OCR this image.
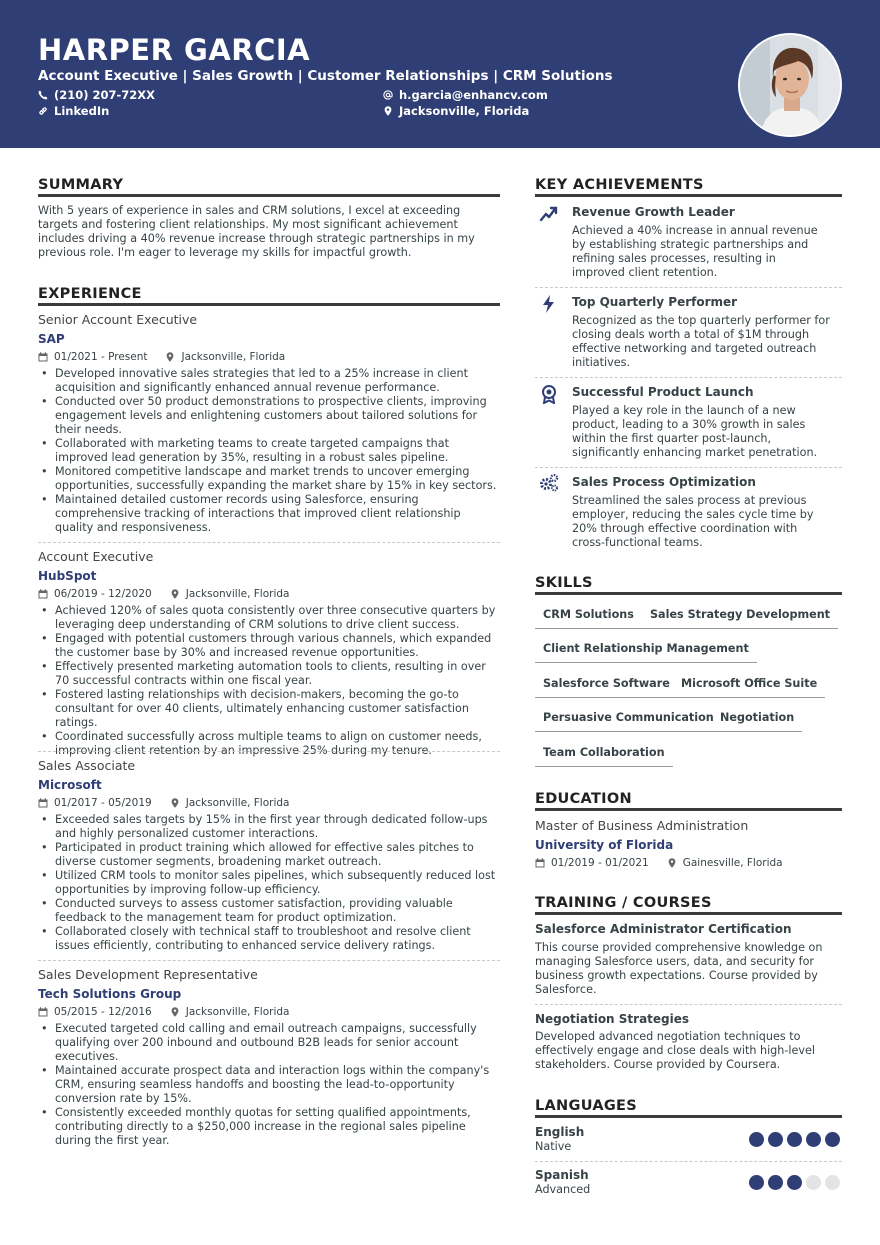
HARPER GARCIA
Account Executive | Sales Growth | Customer Relationships | CRM Solutions
(210) 207-72XX
LinkedIn
h.garcia@enhancv.com
Jacksonville, Florida
SUMMARY
With 5 years of experience in sales and CRM solutions, I excel at exceeding targets and fostering client relationships. My most significant achievement includes driving a 40% revenue increase through strategic partnerships in my previous role. I'm eager to leverage my skills for impactful growth.
EXPERIENCE
Senior Account Executive
SAP
01/2021 - Present	Jacksonville, Florida
• Developed innovative sales strategies that led to a 25% increase in client acquisition and significantly enhanced annual revenue performance.
• Conducted over 50 product demonstrations to prospective clients, improving engagement levels and enlightening customers about tailored solutions for their needs.
• Collaborated with marketing teams to create targeted campaigns that improved lead generation by 35%, resulting in a robust sales pipeline.
• Monitored competitive landscape and market trends to uncover emerging opportunities, successfully expanding the market share by 15% in key sectors.
• Maintained detailed customer records using Salesforce, ensuring comprehensive tracking of interactions that improved client relationship quality and responsiveness.
Account Executive
HubSpot
06/2019 - 12/2020	Jacksonville, Florida
• Achieved 120% of sales quota consistently over three consecutive quarters by leveraging deep understanding of CRM solutions to drive client success.
• Engaged with potential customers through various channels, which expanded the customer base by 30% and increased revenue opportunities.
• Effectively presented marketing automation tools to clients, resulting in over 70 successful contracts within one fiscal year.
• Fostered lasting relationships with decision-makers, becoming the go-to consultant for over 40 clients, ultimately enhancing customer satisfaction ratings.
• Coordinated successfully across multiple teams to align on customer needs, improving client retention by an impressive 25% during my tenure.
Sales Associate
Microsoft
01/2017 - 05/2019	Jacksonville, Florida
• Exceeded sales targets by 15% in the first year through dedicated follow-ups and highly personalized customer interactions.
• Participated in product training which allowed for effective sales pitches to diverse customer segments, broadening market outreach.
• Utilized CRM tools to monitor sales pipelines, which subsequently reduced lost opportunities by improving follow-up efficiency.
• Conducted surveys to assess customer satisfaction, providing valuable feedback to the management team for product optimization.
• Collaborated closely with technical staff to troubleshoot and resolve client issues efficiently, contributing to enhanced service delivery ratings.
Sales Development Representative
Tech Solutions Group
05/2015 - 12/2016	Jacksonville, Florida
• Executed targeted cold calling and email outreach campaigns, successfully qualifying over 200 inbound and outbound B2B leads for senior account executives.
• Maintained accurate prospect data and interaction logs within the company's CRM, ensuring seamless handoffs and boosting the lead-to-opportunity conversion rate by 15%.
• Consistently exceeded monthly quotas for setting qualified appointments, contributing directly to a $250,000 increase in the regional sales pipeline during the first year.
KEY ACHIEVEMENTS
Revenue Growth Leader
Achieved a 40% increase in annual revenue by establishing strategic partnerships and refining sales processes, resulting in improved client retention.
Top Quarterly Performer
Recognized as the top quarterly performer for closing deals worth a total of $1M through effective networking and targeted outreach initiatives.
Successful Product Launch
Played a key role in the launch of a new product, leading to a 30% growth in sales within the first quarter post-launch, significantly enhancing market penetration.
Sales Process Optimization
Streamlined the sales process at previous employer, reducing the sales cycle time by 20% through effective coordination with cross-functional teams.
SKILLS
CRM Solutions	Sales Strategy Development
Client Relationship Management
Salesforce Software Microsoft Office Suite
Persuasive Communication Negotiation
Team Collaboration
EDUCATION
Master of Business Administration
University of Florida
01/2019 - 01/2021	Gainesville, Florida
TRAINING / COURSES
Salesforce Administrator Certification
This course provided comprehensive knowledge on managing Salesforce users, data, and security for business growth expectations. Course provided by Salesforce.
Negotiation Strategies
Developed advanced negotiation techniques to effectively engage and close deals with high-level stakeholders. Course provided by Coursera.
LANGUAGES
English
Native
Spanish
Advanced
